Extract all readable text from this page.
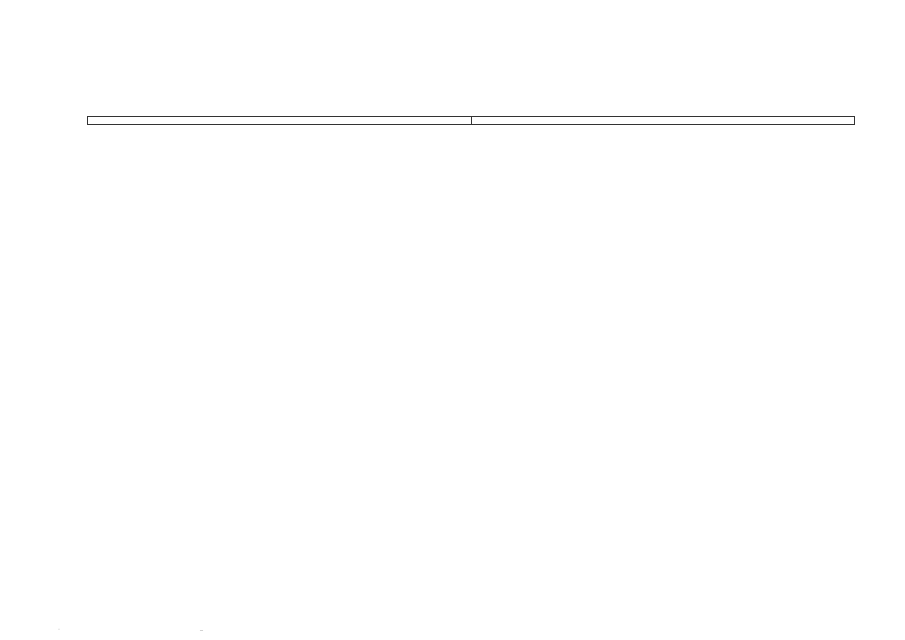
·	–
